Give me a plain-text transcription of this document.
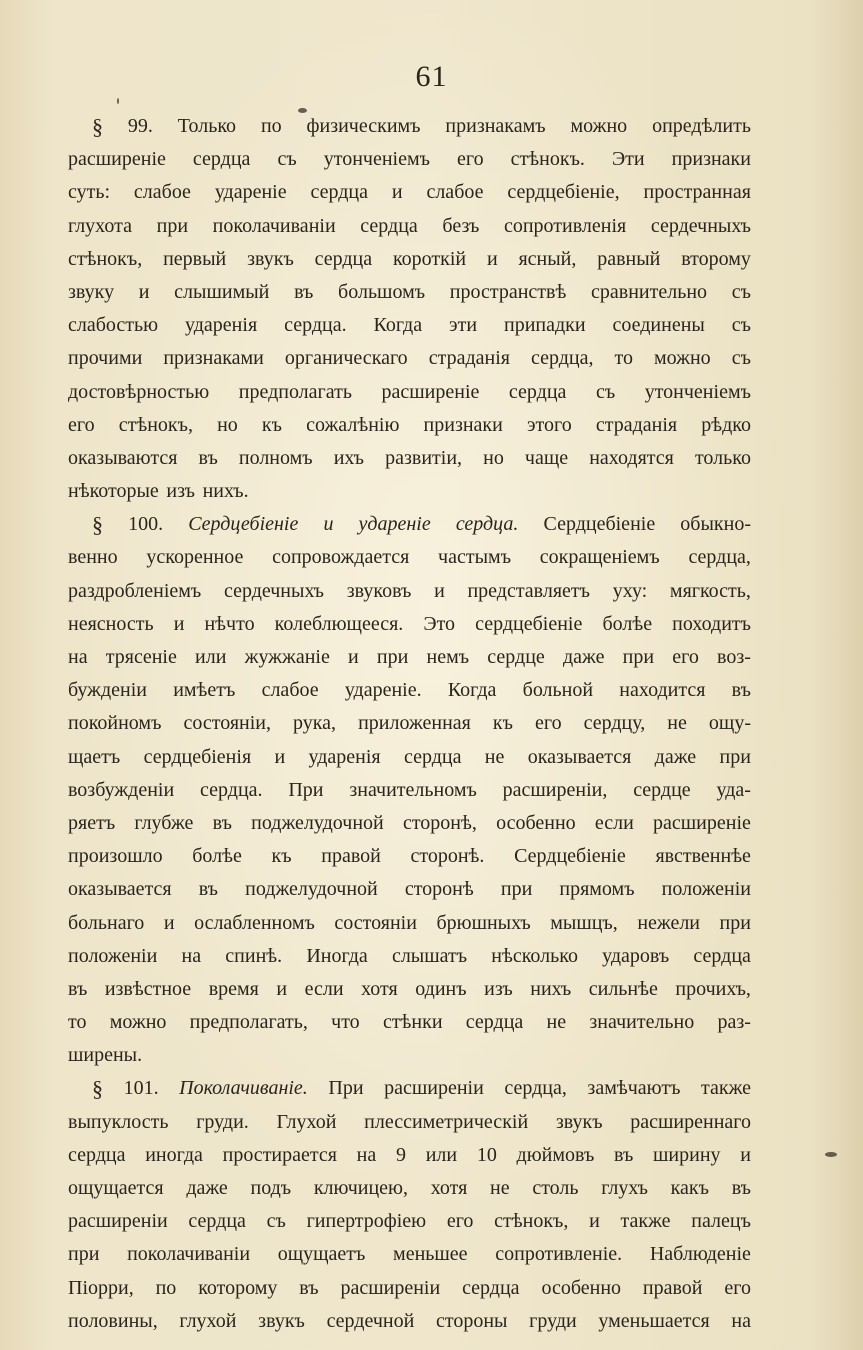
61
§ 99. Только по физическимъ признакамъ можно опредѣлить
расширеніе сердца съ утонченіемъ его стѣнокъ. Эти признаки
суть: слабое удареніе сердца и слабое сердцебіеніе, пространная
глухота при поколачиваніи сердца безъ сопротивленія сердечныхъ
стѣнокъ, первый звукъ сердца короткій и ясный, равный второму
звуку и слышимый въ большомъ пространствѣ сравнительно съ
слабостью ударенія сердца. Когда эти припадки соединены съ
прочими признаками органическаго страданія сердца, то можно съ
достовѣрностью предполагать расширеніе сердца съ утонченіемъ
его стѣнокъ, но къ сожалѣнію признаки этого страданія рѣдко
оказываются въ полномъ ихъ развитіи, но чаще находятся только
нѣкоторые изъ нихъ.
§ 100. Сердцебіеніе и удареніе сердца. Сердцебіеніе обыкно-
венно ускоренное сопровождается частымъ сокращеніемъ сердца,
раздробленіемъ сердечныхъ звуковъ и представляетъ уху: мягкость,
неясность и нѣчто колеблющееся. Это сердцебіеніе болѣе походитъ
на тряcеніе или жужжаніе и при немъ сердце даже при его воз-
бужденіи имѣетъ слабое удареніе. Когда больной находится въ
покойномъ состояніи, рука, приложенная къ его сердцу, не ощу-
щаетъ сердцебіенія и ударенія сердца не оказывается даже при
возбужденіи сердца. При значительномъ расширеніи, сердце уда-
ряетъ глубже въ поджелудочной сторонѣ, особенно если расширеніе
произошло болѣе къ правой сторонѣ. Сердцебіеніе явственнѣе
оказывается въ поджелудочной сторонѣ при прямомъ положеніи
больнаго и ослабленномъ состояніи брюшныхъ мышцъ, нежели при
положеніи на спинѣ. Иногда слышатъ нѣсколько ударовъ сердца
въ извѣстное время и если хотя одинъ изъ нихъ сильнѣе прочихъ,
то можно предполагать, что стѣнки сердца не значительно раз-
ширены.
§ 101. Поколачиваніе. При расширеніи сердца, замѣчаютъ также
выпуклость груди. Глухой плессиметрическій звукъ расширеннаго
сердца иногда простирается на 9 или 10 дюймовъ въ ширину и
ощущается даже подъ ключицею, хотя не столь глухъ какъ въ
расширеніи сердца съ гипертрофіею его стѣнокъ, и также палецъ
при поколачиваніи ощущаетъ меньшее сопротивленіе. Наблюденіе
Піорри, по которому въ расширеніи сердца особенно правой его
половины, глухой звукъ сердечной стороны груди уменьшается на
